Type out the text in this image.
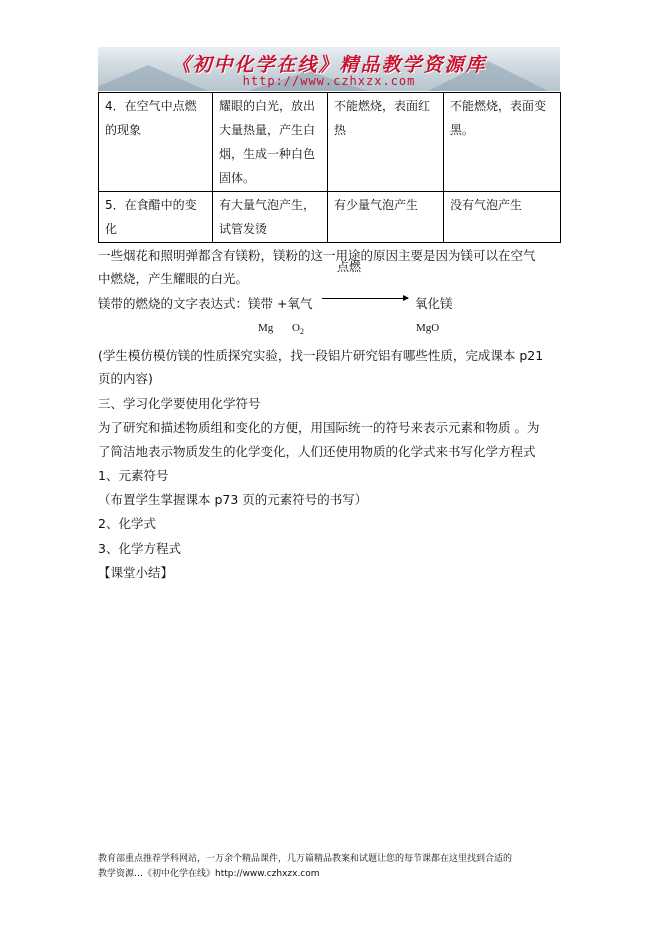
《初中化学在线》精品教学资源库
http://www.czhxzx.com
4．在空气中点燃的现象	耀眼的白光，放出大量热量，产生白烟，生成一种白色固体。	不能燃烧，表面红热	不能燃烧，表面变黑。
5．在食醋中的变化	有大量气泡产生，试管发烫	有少量气泡产生	没有气泡产生
一些烟花和照明弹都含有镁粉，镁粉的这一用途的原因主要是因为镁可以在空气
中燃烧，产生耀眼的白光。
点燃
镁带的燃烧的文字表达式：镁带 +氧气	氧化镁
Mg $O_2$	MgO
(学生模仿模仿镁的性质探究实验，找一段铝片研究铝有哪些性质，完成课本 p21
页的内容)
三、学习化学要使用化学符号
为了研究和描述物质组和变化的方便，用国际统一的符号来表示元素和物质 。为
了简洁地表示物质发生的化学变化，人们还使用物质的化学式来书写化学方程式
1、元素符号
（布置学生掌握课本 p73 页的元素符号的书写）
2、化学式
3、化学方程式
【课堂小结】
教育部重点推荐学科网站，一万余个精品课件，几万篇精品教案和试题让您的每节课都在这里找到合适的
教学资源…《初中化学在线》http://www.czhxzx.com
